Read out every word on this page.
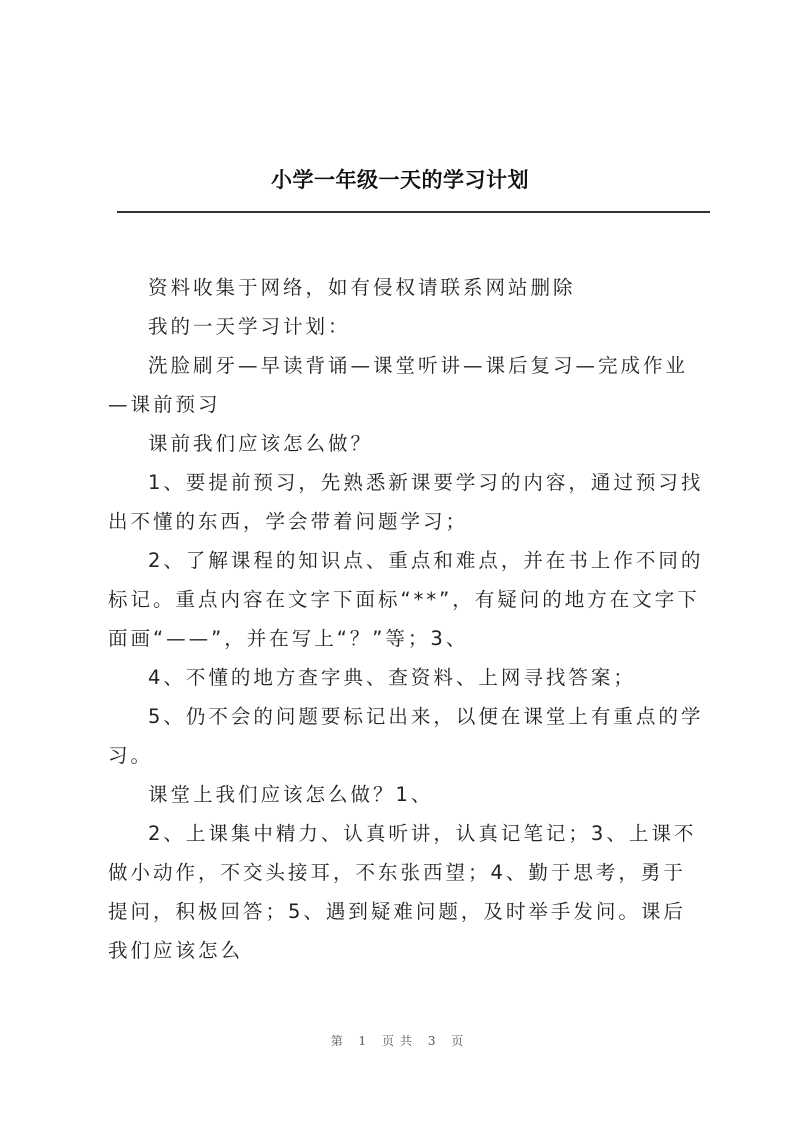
小学一年级一天的学习计划

资料收集于网络，如有侵权请联系网站删除

我的一天学习计划：

洗脸刷牙—早读背诵—课堂听讲—课后复习—完成作业—课前预习

课前我们应该怎么做？

1、要提前预习，先熟悉新课要学习的内容，通过预习找出不懂的东西，学会带着问题学习；

2、了解课程的知识点、重点和难点，并在书上作不同的标记。重点内容在文字下面标“**”，有疑问的地方在文字下面画“——”，并在写上“？”等；3、

4、不懂的地方查字典、查资料、上网寻找答案；

5、仍不会的问题要标记出来，以便在课堂上有重点的学习。

课堂上我们应该怎么做？1、

2、上课集中精力、认真听讲，认真记笔记；3、上课不做小动作，不交头接耳，不东张西望；4、勤于思考，勇于提问，积极回答；5、遇到疑难问题，及时举手发问。课后我们应该怎么

第 1 页共 3 页
